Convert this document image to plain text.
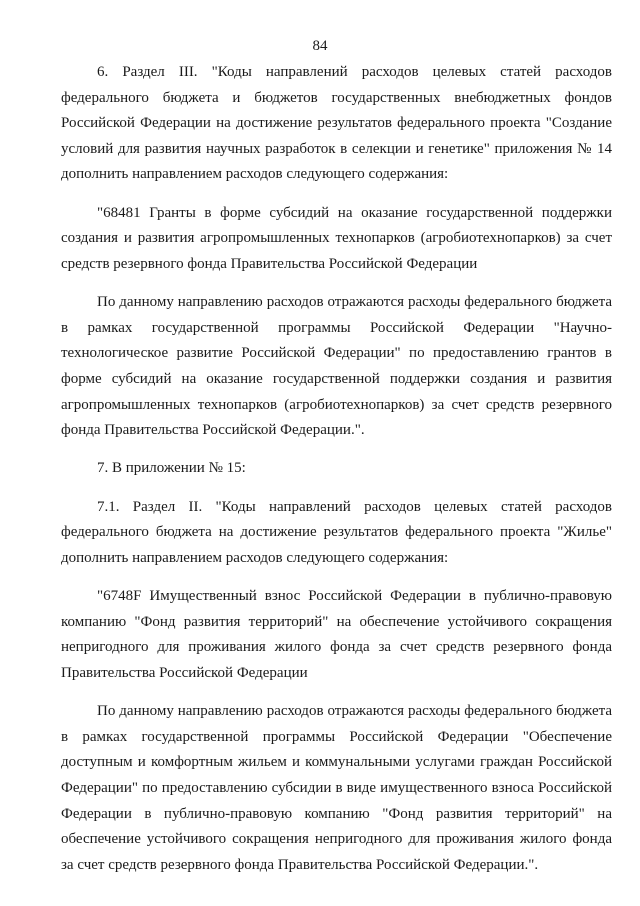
84

6. Раздел III. "Коды направлений расходов целевых статей расходов федерального бюджета и бюджетов государственных внебюджетных фондов Российской Федерации на достижение результатов федерального проекта "Создание условий для развития научных разработок в селекции и генетике" приложения № 14 дополнить направлением расходов следующего содержания:

"68481 Гранты в форме субсидий на оказание государственной поддержки создания и развития агропромышленных технопарков (агробиотехнопарков) за счет средств резервного фонда Правительства Российской Федерации

По данному направлению расходов отражаются расходы федерального бюджета в рамках государственной программы Российской Федерации "Научно-технологическое развитие Российской Федерации" по предоставлению грантов в форме субсидий на оказание государственной поддержки создания и развития агропромышленных технопарков (агробиотехнопарков) за счет средств резервного фонда Правительства Российской Федерации.".

7. В приложении № 15:

7.1. Раздел II. "Коды направлений расходов целевых статей расходов федерального бюджета на достижение результатов федерального проекта "Жилье" дополнить направлением расходов следующего содержания:

"6748F Имущественный взнос Российской Федерации в публично-правовую компанию "Фонд развития территорий" на обеспечение устойчивого сокращения непригодного для проживания жилого фонда за счет средств резервного фонда Правительства Российской Федерации

По данному направлению расходов отражаются расходы федерального бюджета в рамках государственной программы Российской Федерации "Обеспечение доступным и комфортным жильем и коммунальными услугами граждан Российской Федерации" по предоставлению субсидии в виде имущественного взноса Российской Федерации в публично-правовую компанию "Фонд развития территорий" на обеспечение устойчивого сокращения непригодного для проживания жилого фонда за счет средств резервного фонда Правительства Российской Федерации.".
